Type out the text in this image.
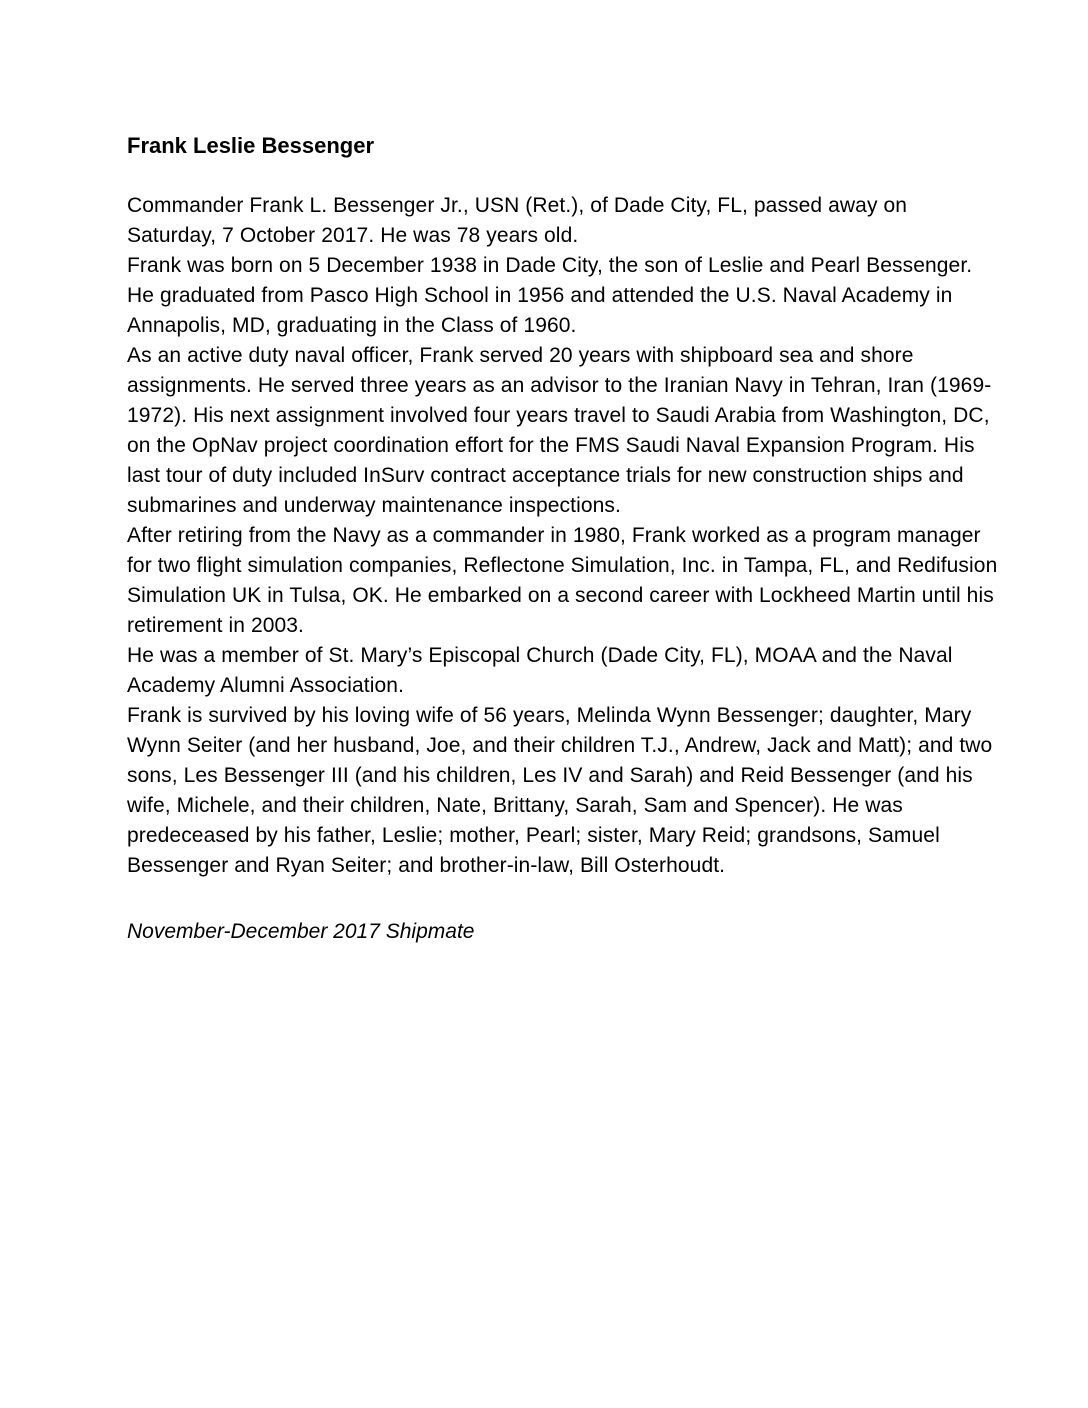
Frank Leslie Bessenger

Commander Frank L. Bessenger Jr., USN (Ret.), of Dade City, FL, passed away on Saturday, 7 October 2017. He was 78 years old.

Frank was born on 5 December 1938 in Dade City, the son of Leslie and Pearl Bessenger. He graduated from Pasco High School in 1956 and attended the U.S. Naval Academy in Annapolis, MD, graduating in the Class of 1960.

As an active duty naval officer, Frank served 20 years with shipboard sea and shore assignments. He served three years as an advisor to the Iranian Navy in Tehran, Iran (1969-1972). His next assignment involved four years travel to Saudi Arabia from Washington, DC, on the OpNav project coordination effort for the FMS Saudi Naval Expansion Program. His last tour of duty included InSurv contract acceptance trials for new construction ships and submarines and underway maintenance inspections.

After retiring from the Navy as a commander in 1980, Frank worked as a program manager for two flight simulation companies, Reflectone Simulation, Inc. in Tampa, FL, and Redifusion Simulation UK in Tulsa, OK. He embarked on a second career with Lockheed Martin until his retirement in 2003.

He was a member of St. Mary’s Episcopal Church (Dade City, FL), MOAA and the Naval Academy Alumni Association.

Frank is survived by his loving wife of 56 years, Melinda Wynn Bessenger; daughter, Mary Wynn Seiter (and her husband, Joe, and their children T.J., Andrew, Jack and Matt); and two sons, Les Bessenger III (and his children, Les IV and Sarah) and Reid Bessenger (and his wife, Michele, and their children, Nate, Brittany, Sarah, Sam and Spencer). He was predeceased by his father, Leslie; mother, Pearl; sister, Mary Reid; grandsons, Samuel Bessenger and Ryan Seiter; and brother-in-law, Bill Osterhoudt.

November-December 2017 Shipmate
